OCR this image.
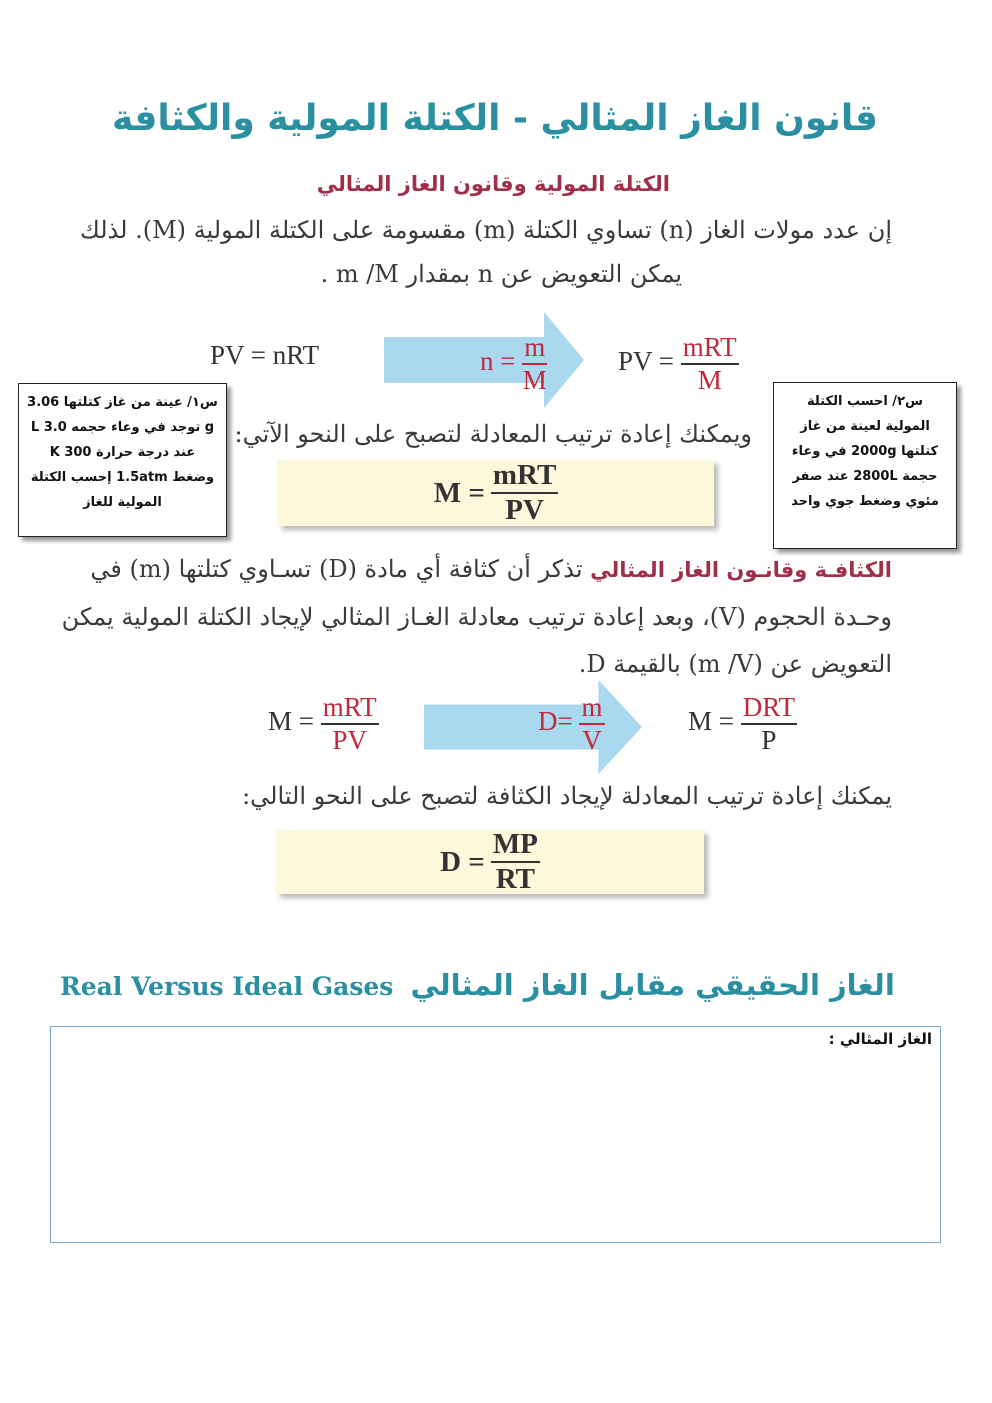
قانون الغاز المثالي - الكتلة المولية والكثافة
الكتلة المولية وقانون الغاز المثالي
إن عدد مولات الغاز (n) تساوي الكتلة (m) مقسومة على الكتلة المولية (M). لذلك
يمكن التعويض عن n بمقدار m /M .
PV = nRT	$n = \frac{m}{M}$	PV = $\frac{\text{mRT}}{M}$
س١/ عينة من غاز كتلتها 3.06 g توجد في وعاء حجمه 3.0 L عند درجة حرارة 300 K وضغط 1.5atm إحسب الكتلة المولية للغاز
س٢/ احسب الكتلة
المولية لعينة من غاز
كتلتها 2000g في وعاء
حجمة 2800L عند صفر
مئوي وضغط جوي واحد
ويمكنك إعادة ترتيب المعادلة لتصبح على النحو الآتي:
$M = \frac{\text{mRT}}{PV}$
الكثافـة وقانـون الغاز المثالي تذكر أن كثافة أي مادة (D) تسـاوي كتلتها (m) في
وحـدة الحجوم (V)، وبعد إعادة ترتيب معادلة الغـاز المثالي لإيجاد الكتلة المولية يمكن
التعويض عن (m /V) بالقيمة D.
$M = \frac{\text{mRT}}{PV}$	$D= \frac{m}{V}$	$M = \frac{\text{DRT}}{P}$
يمكنك إعادة ترتيب المعادلة لإيجاد الكثافة لتصبح على النحو التالي:
$D = \frac{MP}{RT}$
Real Versus Ideal Gases الغاز الحقيقي مقابل الغاز المثالي
الغاز المثالي :
